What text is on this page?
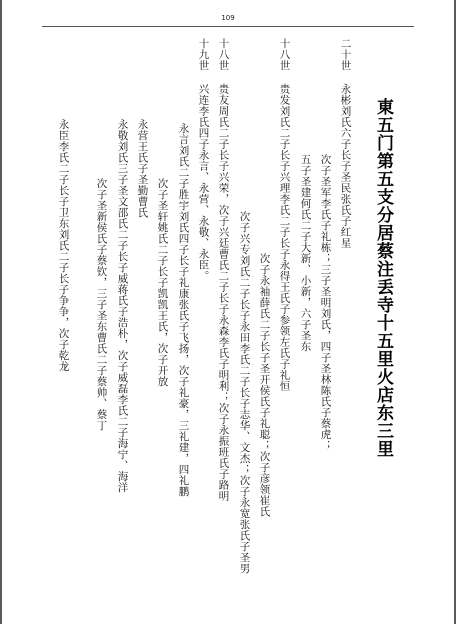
109
東五门第五支分居蔡注丢寺十五里火店东三里
二十世 永彬刘氏六子长子圣民张氏子红星
次子圣军李氏子礼栋；三子圣明刘氏，四子圣林陈氏子蔡虎；
五子圣建何氏二子大新、小新，六子圣东
十八世 贵发刘氏二子长子兴理李氏二子长子永得王氏子参领左氏子礼恒
次子永袖薛氏二子长子圣开侯氏子礼聪；次子彦领崔氏
次子兴专刘氏二子长子永田李氏二子长子志华、文杰；次子永宽张氏子圣男
十八世 贵友周氏二子长子兴荣，次子兴廷曹氏二子长子永森李氏子明利；次子永振班氏子路明
十九世 兴连李氏四子永言、永营、永敬、永臣。
永言刘氏二子胜宇刘氏四子长子礼康张氏子飞扬，次子礼豪，三礼建，四礼鹏
次子圣轩姚氏二子长子凯凯王氏，次子开放
永营王氏子圣勤曹氏
永敬刘氏三子圣文邵氏二子长子威蒋氏子浩朴，次子威磊李氏二子海宁、海洋
次子圣新侯氏子蔡钦，三子圣东曹氏二子蔡帅、蔡丁
永臣李氏二子长子卫东刘氏二子长子争争，次子乾龙
